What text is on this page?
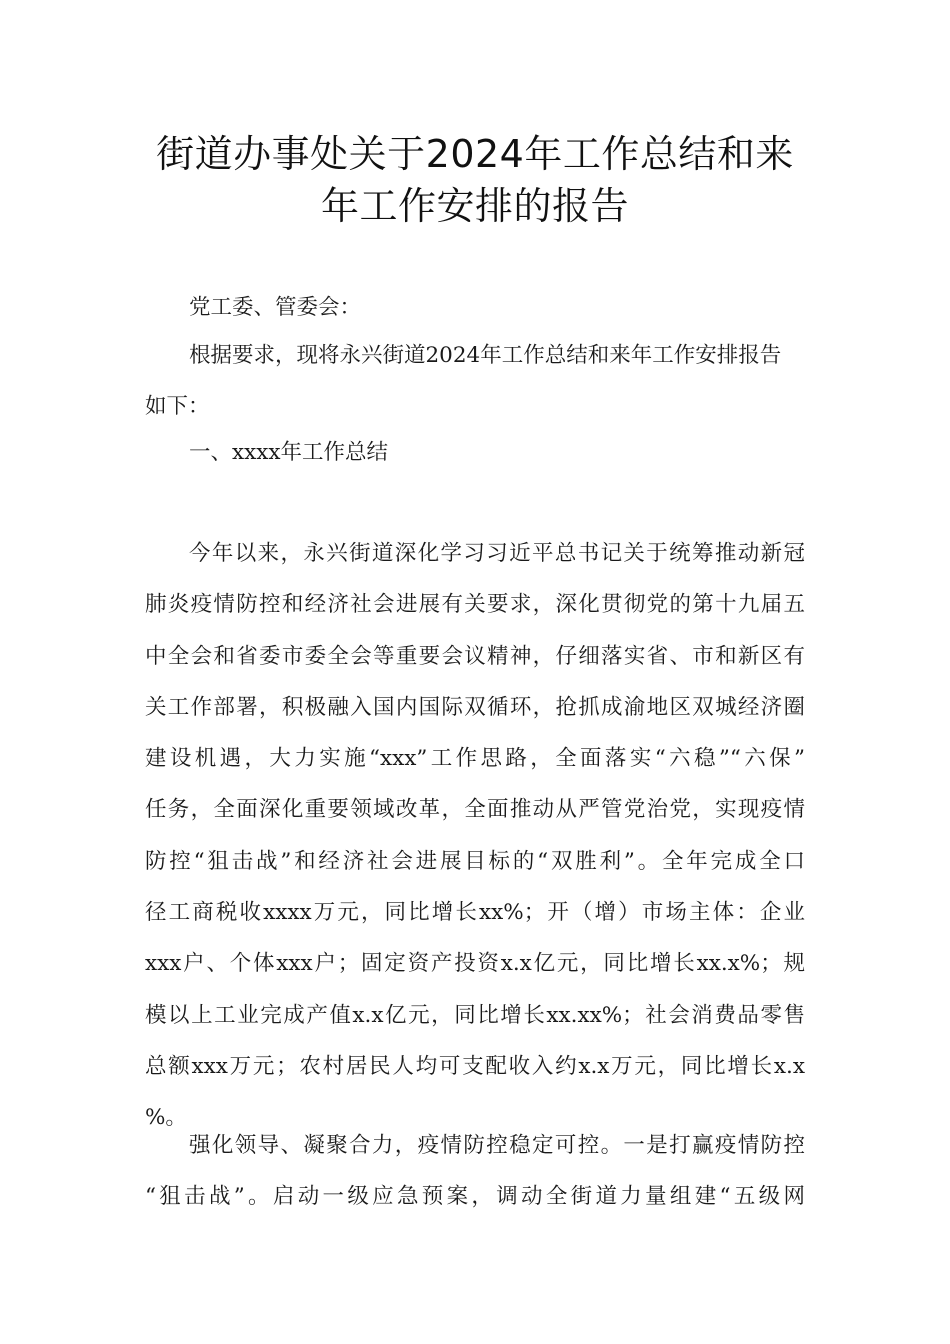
街道办事处关于2024年工作总结和来
年工作安排的报告

党工委、管委会：

根据要求，现将永兴街道2024年工作总结和来年工作安排报告
如下：

一、xxxx年工作总结

今年以来，永兴街道深化学习习近平总书记关于统筹推动新冠
肺炎疫情防控和经济社会进展有关要求，深化贯彻党的第十九届五
中全会和省委市委全会等重要会议精神，仔细落实省、市和新区有
关工作部署，积极融入国内国际双循环，抢抓成渝地区双城经济圈
建设机遇，大力实施“xxx”工作思路，全面落实“六稳”“六保”
任务，全面深化重要领域改革，全面推动从严管党治党，实现疫情
防控“狙击战”和经济社会进展目标的“双胜利”。全年完成全口
径工商税收xxxx万元，同比增长xx%；开（增）市场主体：企业
xxx户、个体xxx户；固定资产投资x.x亿元，同比增长xx.x%；规
模以上工业完成产值x.x亿元，同比增长xx.xx%；社会消费品零售
总额xxx万元；农村居民人均可支配收入约x.x万元，同比增长x.x
%。

强化领导、凝聚合力，疫情防控稳定可控。一是打赢疫情防控
“狙击战”。启动一级应急预案，调动全街道力量组建“五级网
